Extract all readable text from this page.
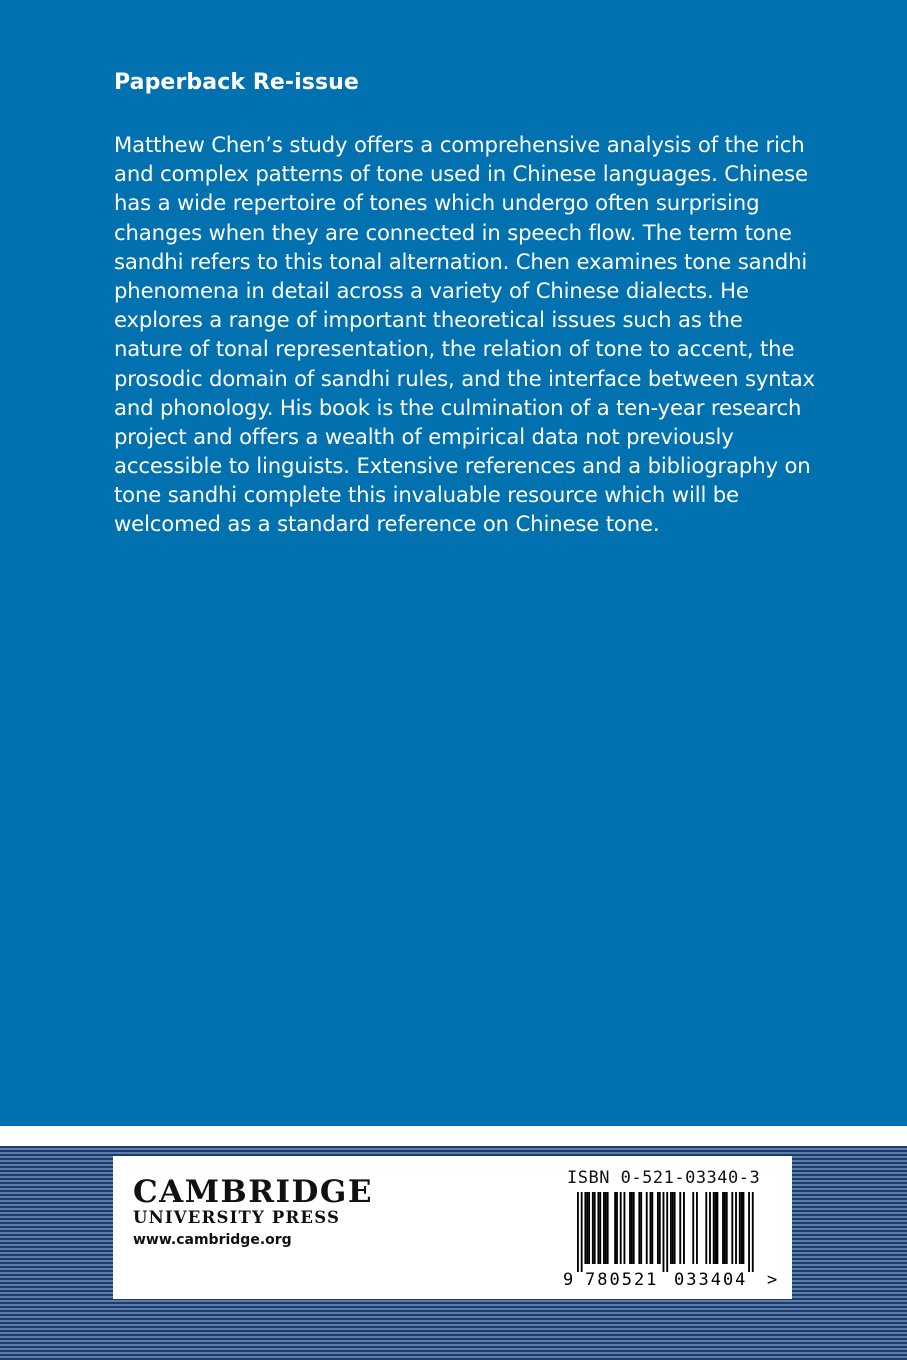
Paperback Re-issue
Matthew Chen’s study offers a comprehensive analysis of the rich
and complex patterns of tone used in Chinese languages. Chinese
has a wide repertoire of tones which undergo often surprising
changes when they are connected in speech flow. The term tone
sandhi refers to this tonal alternation. Chen examines tone sandhi
phenomena in detail across a variety of Chinese dialects. He
explores a range of important theoretical issues such as the
nature of tonal representation, the relation of tone to accent, the
prosodic domain of sandhi rules, and the interface between syntax
and phonology. His book is the culmination of a ten-year research
project and offers a wealth of empirical data not previously
accessible to linguists. Extensive references and a bibliography on
tone sandhi complete this invaluable resource which will be
welcomed as a standard reference on Chinese tone.
CAMBRIDGE
UNIVERSITY PRESS
www.cambridge.org
ISBN 0-521-03340-3
9 780521 033404 >
